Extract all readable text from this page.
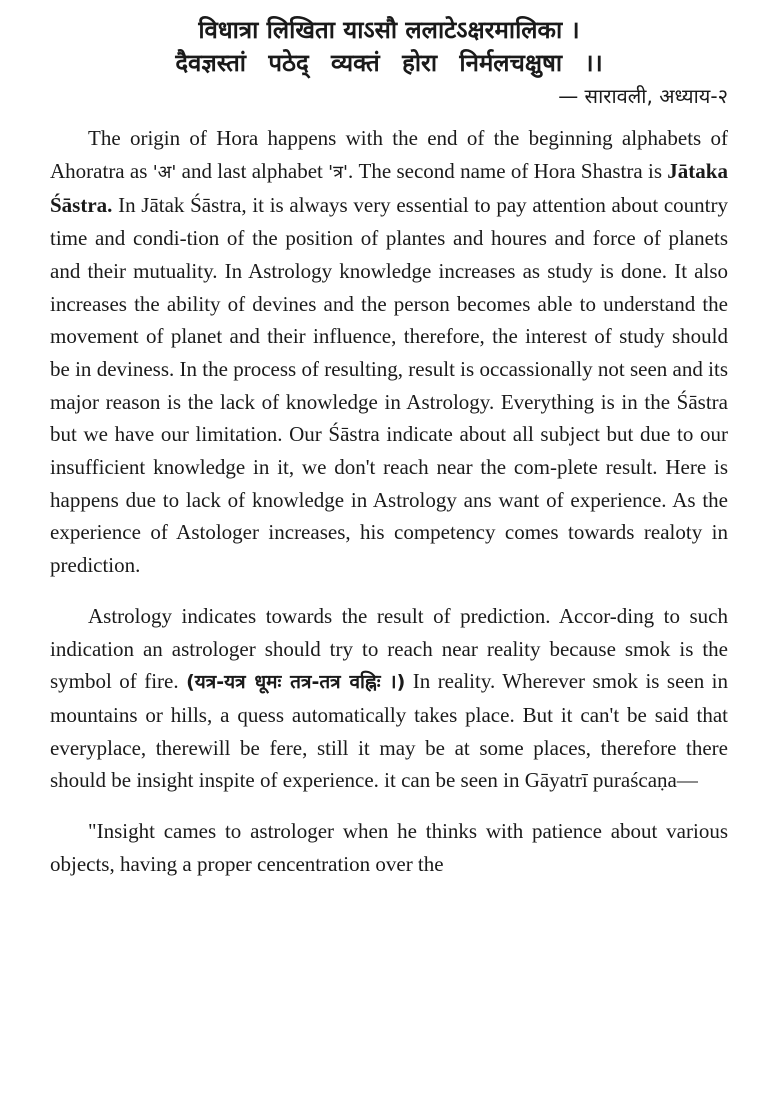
विधात्रा लिखिता याऽसौ ललाटेऽक्षरमालिका ।
दैवज्ञस्तां पठेद् व्यक्तं होरा निर्मलचक्षुषा ।।

— सारावली, अध्याय-२

The origin of Hora happens with the end of the beginning alphabets of Ahoratra as 'अ' and last alphabet 'त्र'. The second name of Hora Shastra is Jātaka Śāstra. In Jātak Śāstra, it is always very essential to pay attention about country time and condi-tion of the position of plantes and houres and force of planets and their mutuality. In Astrology knowledge increases as study is done. It also increases the ability of devines and the person becomes able to understand the movement of planet and their influence, therefore, the interest of study should be in deviness. In the process of resulting, result is occassionally not seen and its major reason is the lack of knowledge in Astrology. Everything is in the Śāstra but we have our limitation. Our Śāstra indicate about all subject but due to our insufficient knowledge in it, we don't reach near the com-plete result. Here is happens due to lack of knowledge in Astrology ans want of experience. As the experience of Astologer increases, his competency comes towards realoty in prediction.

Astrology indicates towards the result of prediction. Accor-ding to such indication an astrologer should try to reach near reality because smok is the symbol of fire. (यत्र-यत्र धूमः तत्र-तत्र वह्निः ।) In reality. Wherever smok is seen in mountains or hills, a quess automatically takes place. But it can't be said that everyplace, therewill be fere, still it may be at some places, therefore there should be insight inspite of experience. it can be seen in Gāyatrī puraścaṇa—

"Insight cames to astrologer when he thinks with patience about various objects, having a proper cencentration over the
